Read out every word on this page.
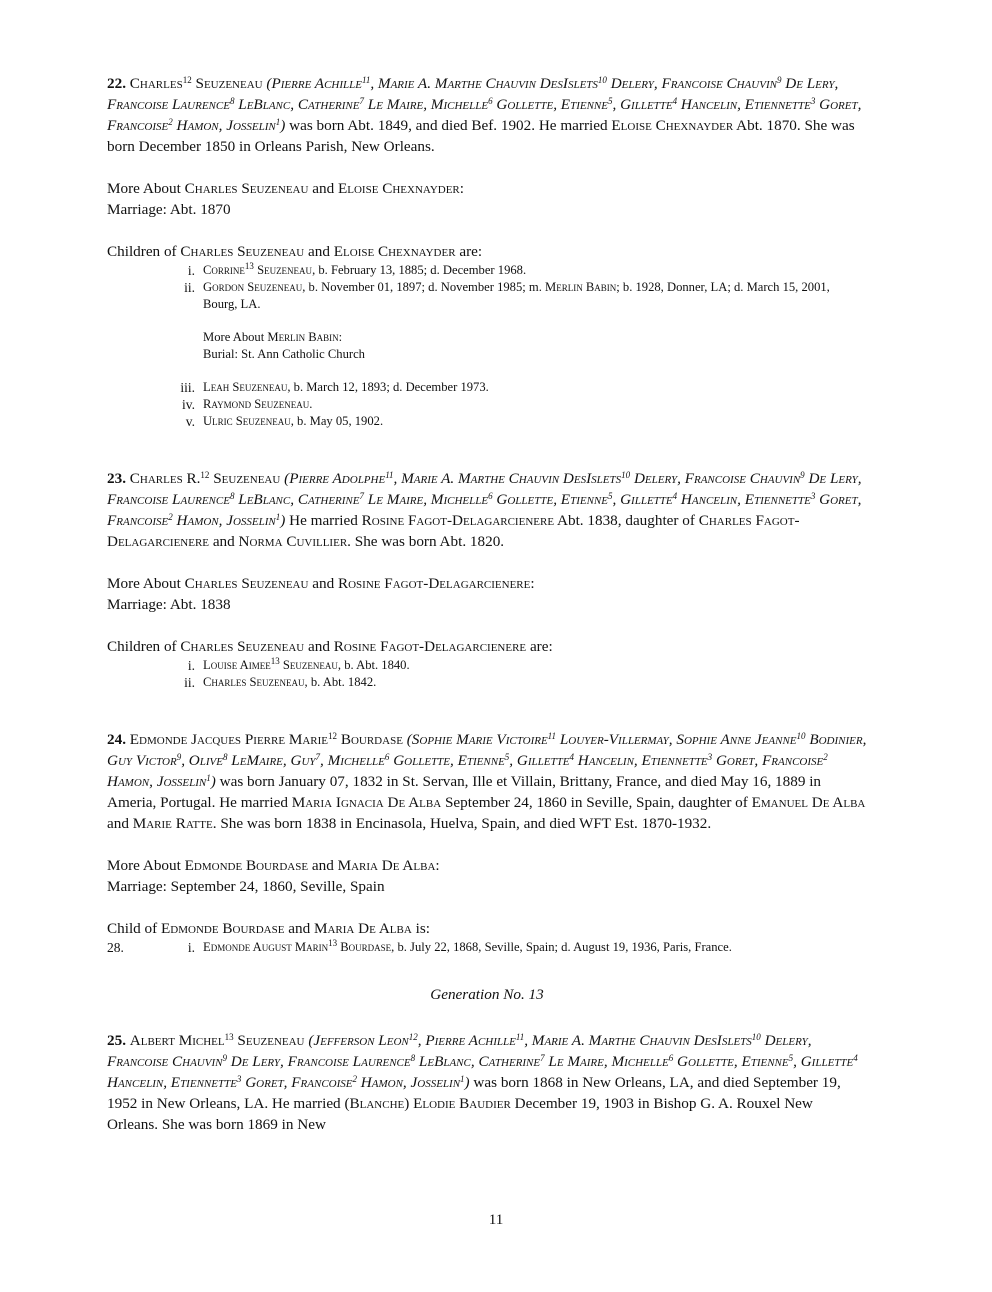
22. Charles$^{12}$ Seuzeneau (Pierre Achille$^{11}$, Marie A. Marthe Chauvin DesIslets$^{10}$ Delery, Francoise Chauvin$^9$ De Lery, Francoise Laurence$^8$ LeBlanc, Catherine$^7$ Le Maire, Michelle$^6$ Gollette, Etienne$^5$, Gillette$^4$ Hancelin, Etiennette$^3$ Goret, Francoise$^2$ Hamon, Josselin$^1$) was born Abt. 1849, and died Bef. 1902. He married Eloise Chexnayder Abt. 1870. She was born December 1850 in Orleans Parish, New Orleans.

More About Charles Seuzeneau and Eloise Chexnayder:

Marriage: Abt. 1870

Children of Charles Seuzeneau and Eloise Chexnayder are:

i. Corrine$^{13}$ Seuzeneau, b. February 13, 1885; d. December 1968.
ii. Gordon Seuzeneau, b. November 01, 1897; d. November 1985; m. Merlin Babin; b. 1928, Donner, LA; d. March 15, 2001, Bourg, LA.
More About Merlin Babin:
Burial: St. Ann Catholic Church
iii. Leah Seuzeneau, b. March 12, 1893; d. December 1973.
iv. Raymond Seuzeneau.
v. Ulric Seuzeneau, b. May 05, 1902.

23. Charles R.$^{12}$ Seuzeneau (Pierre Adolphe$^{11}$, Marie A. Marthe Chauvin DesIslets$^{10}$ Delery, Francoise Chauvin$^9$ De Lery, Francoise Laurence$^8$ LeBlanc, Catherine$^7$ Le Maire, Michelle$^6$ Gollette, Etienne$^5$, Gillette$^4$ Hancelin, Etiennette$^3$ Goret, Francoise$^2$ Hamon, Josselin$^1$) He married Rosine Fagot-Delagarcienere Abt. 1838, daughter of Charles Fagot-Delagarcienere and Norma Cuvillier. She was born Abt. 1820.

More About Charles Seuzeneau and Rosine Fagot-Delagarcienere:

Marriage: Abt. 1838

Children of Charles Seuzeneau and Rosine Fagot-Delagarcienere are:

i. Louise Aimee$^{13}$ Seuzeneau, b. Abt. 1840.
ii. Charles Seuzeneau, b. Abt. 1842.

24. Edmonde Jacques Pierre Marie$^{12}$ Bourdase (Sophie Marie Victoire$^{11}$ Louyer-Villermay, Sophie Anne Jeanne$^{10}$ Bodinier, Guy Victor$^9$, Olive$^8$ LeMaire, Guy$^7$, Michelle$^6$ Gollette, Etienne$^5$, Gillette$^4$ Hancelin, Etiennette$^3$ Goret, Francoise$^2$ Hamon, Josselin$^1$) was born January 07, 1832 in St. Servan, Ille et Villain, Brittany, France, and died May 16, 1889 in Ameria, Portugal. He married Maria Ignacia De Alba September 24, 1860 in Seville, Spain, daughter of Emanuel De Alba and Marie Ratte. She was born 1838 in Encinasola, Huelva, Spain, and died WFT Est. 1870-1932.

More About Edmonde Bourdase and Maria De Alba:

Marriage: September 24, 1860, Seville, Spain

Child of Edmonde Bourdase and Maria De Alba is:

28.	i. Edmonde August Marin$^{13}$ Bourdase, b. July 22, 1868, Seville, Spain; d. August 19, 1936, Paris, France.

Generation No. 13

25. Albert Michel$^{13}$ Seuzeneau (Jefferson Leon$^{12}$, Pierre Achille$^{11}$, Marie A. Marthe Chauvin DesIslets$^{10}$ Delery, Francoise Chauvin$^9$ De Lery, Francoise Laurence$^8$ LeBlanc, Catherine$^7$ Le Maire, Michelle$^6$ Gollette, Etienne$^5$, Gillette$^4$ Hancelin, Etiennette$^3$ Goret, Francoise$^2$ Hamon, Josselin$^1$) was born 1868 in New Orleans, LA, and died September 19, 1952 in New Orleans, LA. He married (Blanche) Elodie Baudier December 19, 1903 in Bishop G. A. Rouxel New Orleans. She was born 1869 in New

11
